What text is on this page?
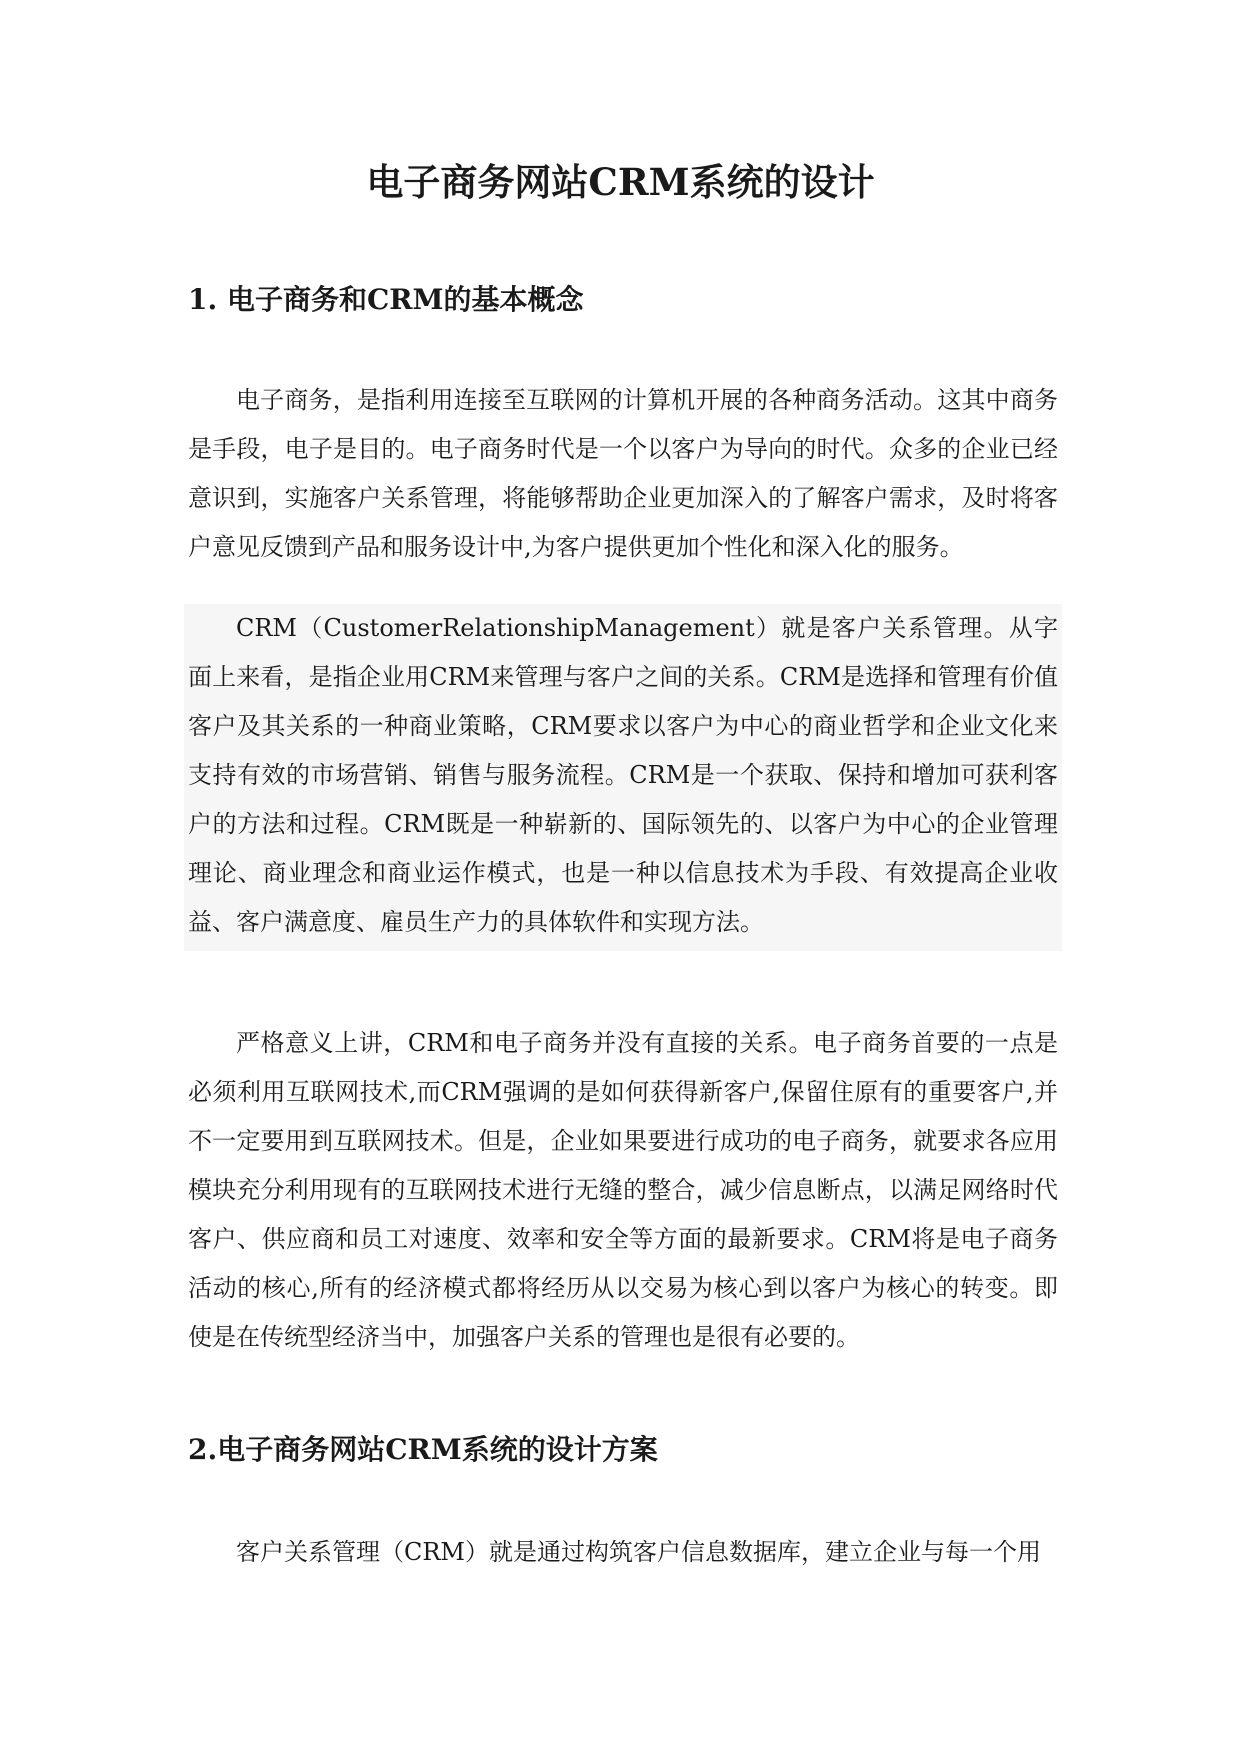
电子商务网站CRM系统的设计
1. 电子商务和CRM的基本概念

电子商务，是指利用连接至互联网的计算机开展的各种商务活动。这其中商务是手段，电子是目的。电子商务时代是一个以客户为导向的时代。众多的企业已经意识到，实施客户关系管理，将能够帮助企业更加深入的了解客户需求，及时将客户意见反馈到产品和服务设计中,为客户提供更加个性化和深入化的服务。

CRM（CustomerRelationshipManagement）就是客户关系管理。从字面上来看，是指企业用CRM来管理与客户之间的关系。CRM是选择和管理有价值客户及其关系的一种商业策略，CRM要求以客户为中心的商业哲学和企业文化来支持有效的市场营销、销售与服务流程。CRM是一个获取、保持和增加可获利客户的方法和过程。CRM既是一种崭新的、国际领先的、以客户为中心的企业管理理论、商业理念和商业运作模式，也是一种以信息技术为手段、有效提高企业收益、客户满意度、雇员生产力的具体软件和实现方法。

严格意义上讲，CRM和电子商务并没有直接的关系。电子商务首要的一点是必须利用互联网技术,而CRM强调的是如何获得新客户,保留住原有的重要客户,并不一定要用到互联网技术。但是，企业如果要进行成功的电子商务，就要求各应用模块充分利用现有的互联网技术进行无缝的整合，减少信息断点，以满足网络时代客户、供应商和员工对速度、效率和安全等方面的最新要求。CRM将是电子商务活动的核心,所有的经济模式都将经历从以交易为核心到以客户为核心的转变。即使是在传统型经济当中，加强客户关系的管理也是很有必要的。

2.电子商务网站CRM系统的设计方案

客户关系管理（CRM）就是通过构筑客户信息数据库，建立企业与每一个用
